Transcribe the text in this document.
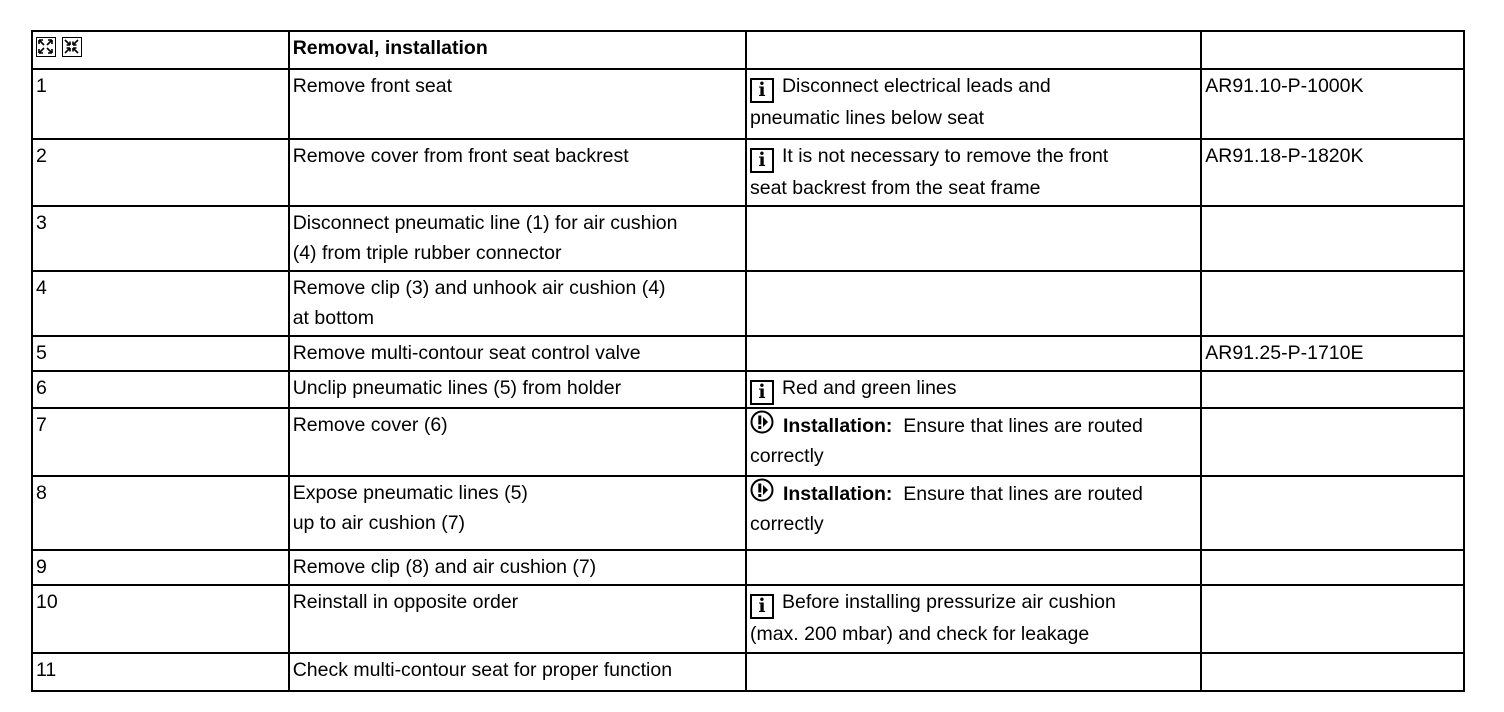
	Removal, installation		
1	Remove front seat	i Disconnect electrical leads and
pneumatic lines below seat	AR91.10-P-1000K
2	Remove cover from front seat backrest	i It is not necessary to remove the front
seat backrest from the seat frame	AR91.18-P-1820K
3	Disconnect pneumatic line (1) for air cushion
(4) from triple rubber connector		

4	Remove clip (3) and unhook air cushion (4)
at bottom		

5	Remove multi-contour seat control valve		AR91.25-P-1710E
6	Unclip pneumatic lines (5) from holder	i Red and green lines	

7	Remove cover (6)	Installation: Ensure that lines are routed
correctly	

8	Expose pneumatic lines (5)
up to air cushion (7)	Installation: Ensure that lines are routed
correctly	

9	Remove clip (8) and air cushion (7)		

10	Reinstall in opposite order	i Before installing pressurize air cushion
(max. 200 mbar) and check for leakage	

11	Check multi-contour seat for proper function		
